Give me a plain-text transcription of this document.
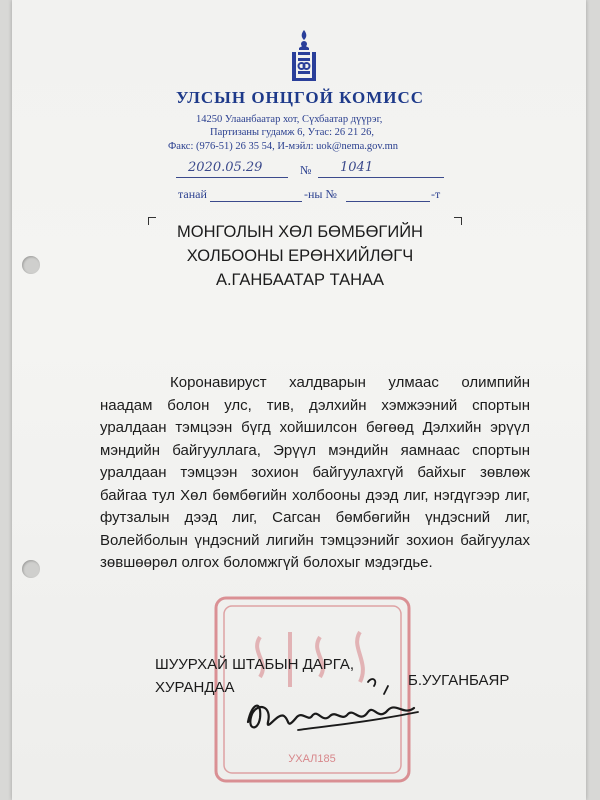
УЛСЫН ОНЦГОЙ КОМИСС
14250 Улаанбаатар хот, Сүхбаатар дүүрэг,
Партизаны гудамж 6, Утас: 26 21 26,
Факс: (976-51) 26 35 54, И-мэйл: uok@nema.gov.mn
2020.05.29	№ 1041
танай	-ны №	-т
МОНГОЛЫН ХӨЛ БӨМБӨГИЙН
ХОЛБООНЫ ЕРӨНХИЙЛӨГЧ
А.ГАНБААТАР ТАНАА
Коронавируст халдварын улмаас олимпийн наадам болон улс, тив, дэлхийн хэмжээний спортын уралдаан тэмцээн бүгд хойшилсон бөгөөд Дэлхийн эрүүл мэндийн байгууллага, Эрүүл мэндийн яамнаас спортын уралдаан тэмцээн зохион байгуулахгүй байхыг зөвлөж байгаа тул Хөл бөмбөгийн холбооны дээд лиг, нэгдүгээр лиг, футзалын дээд лиг, Сагсан бөмбөгийн үндэсний лиг, Волейболын үндэсний лигийн тэмцээнийг зохион байгуулах зөвшөөрөл олгох боломжгүй болохыг мэдэгдье.
УХАЛ185
ШУУРХАЙ ШТАБЫН ДАРГА,
ХУРАНДАА	Б.УУГАНБАЯР
